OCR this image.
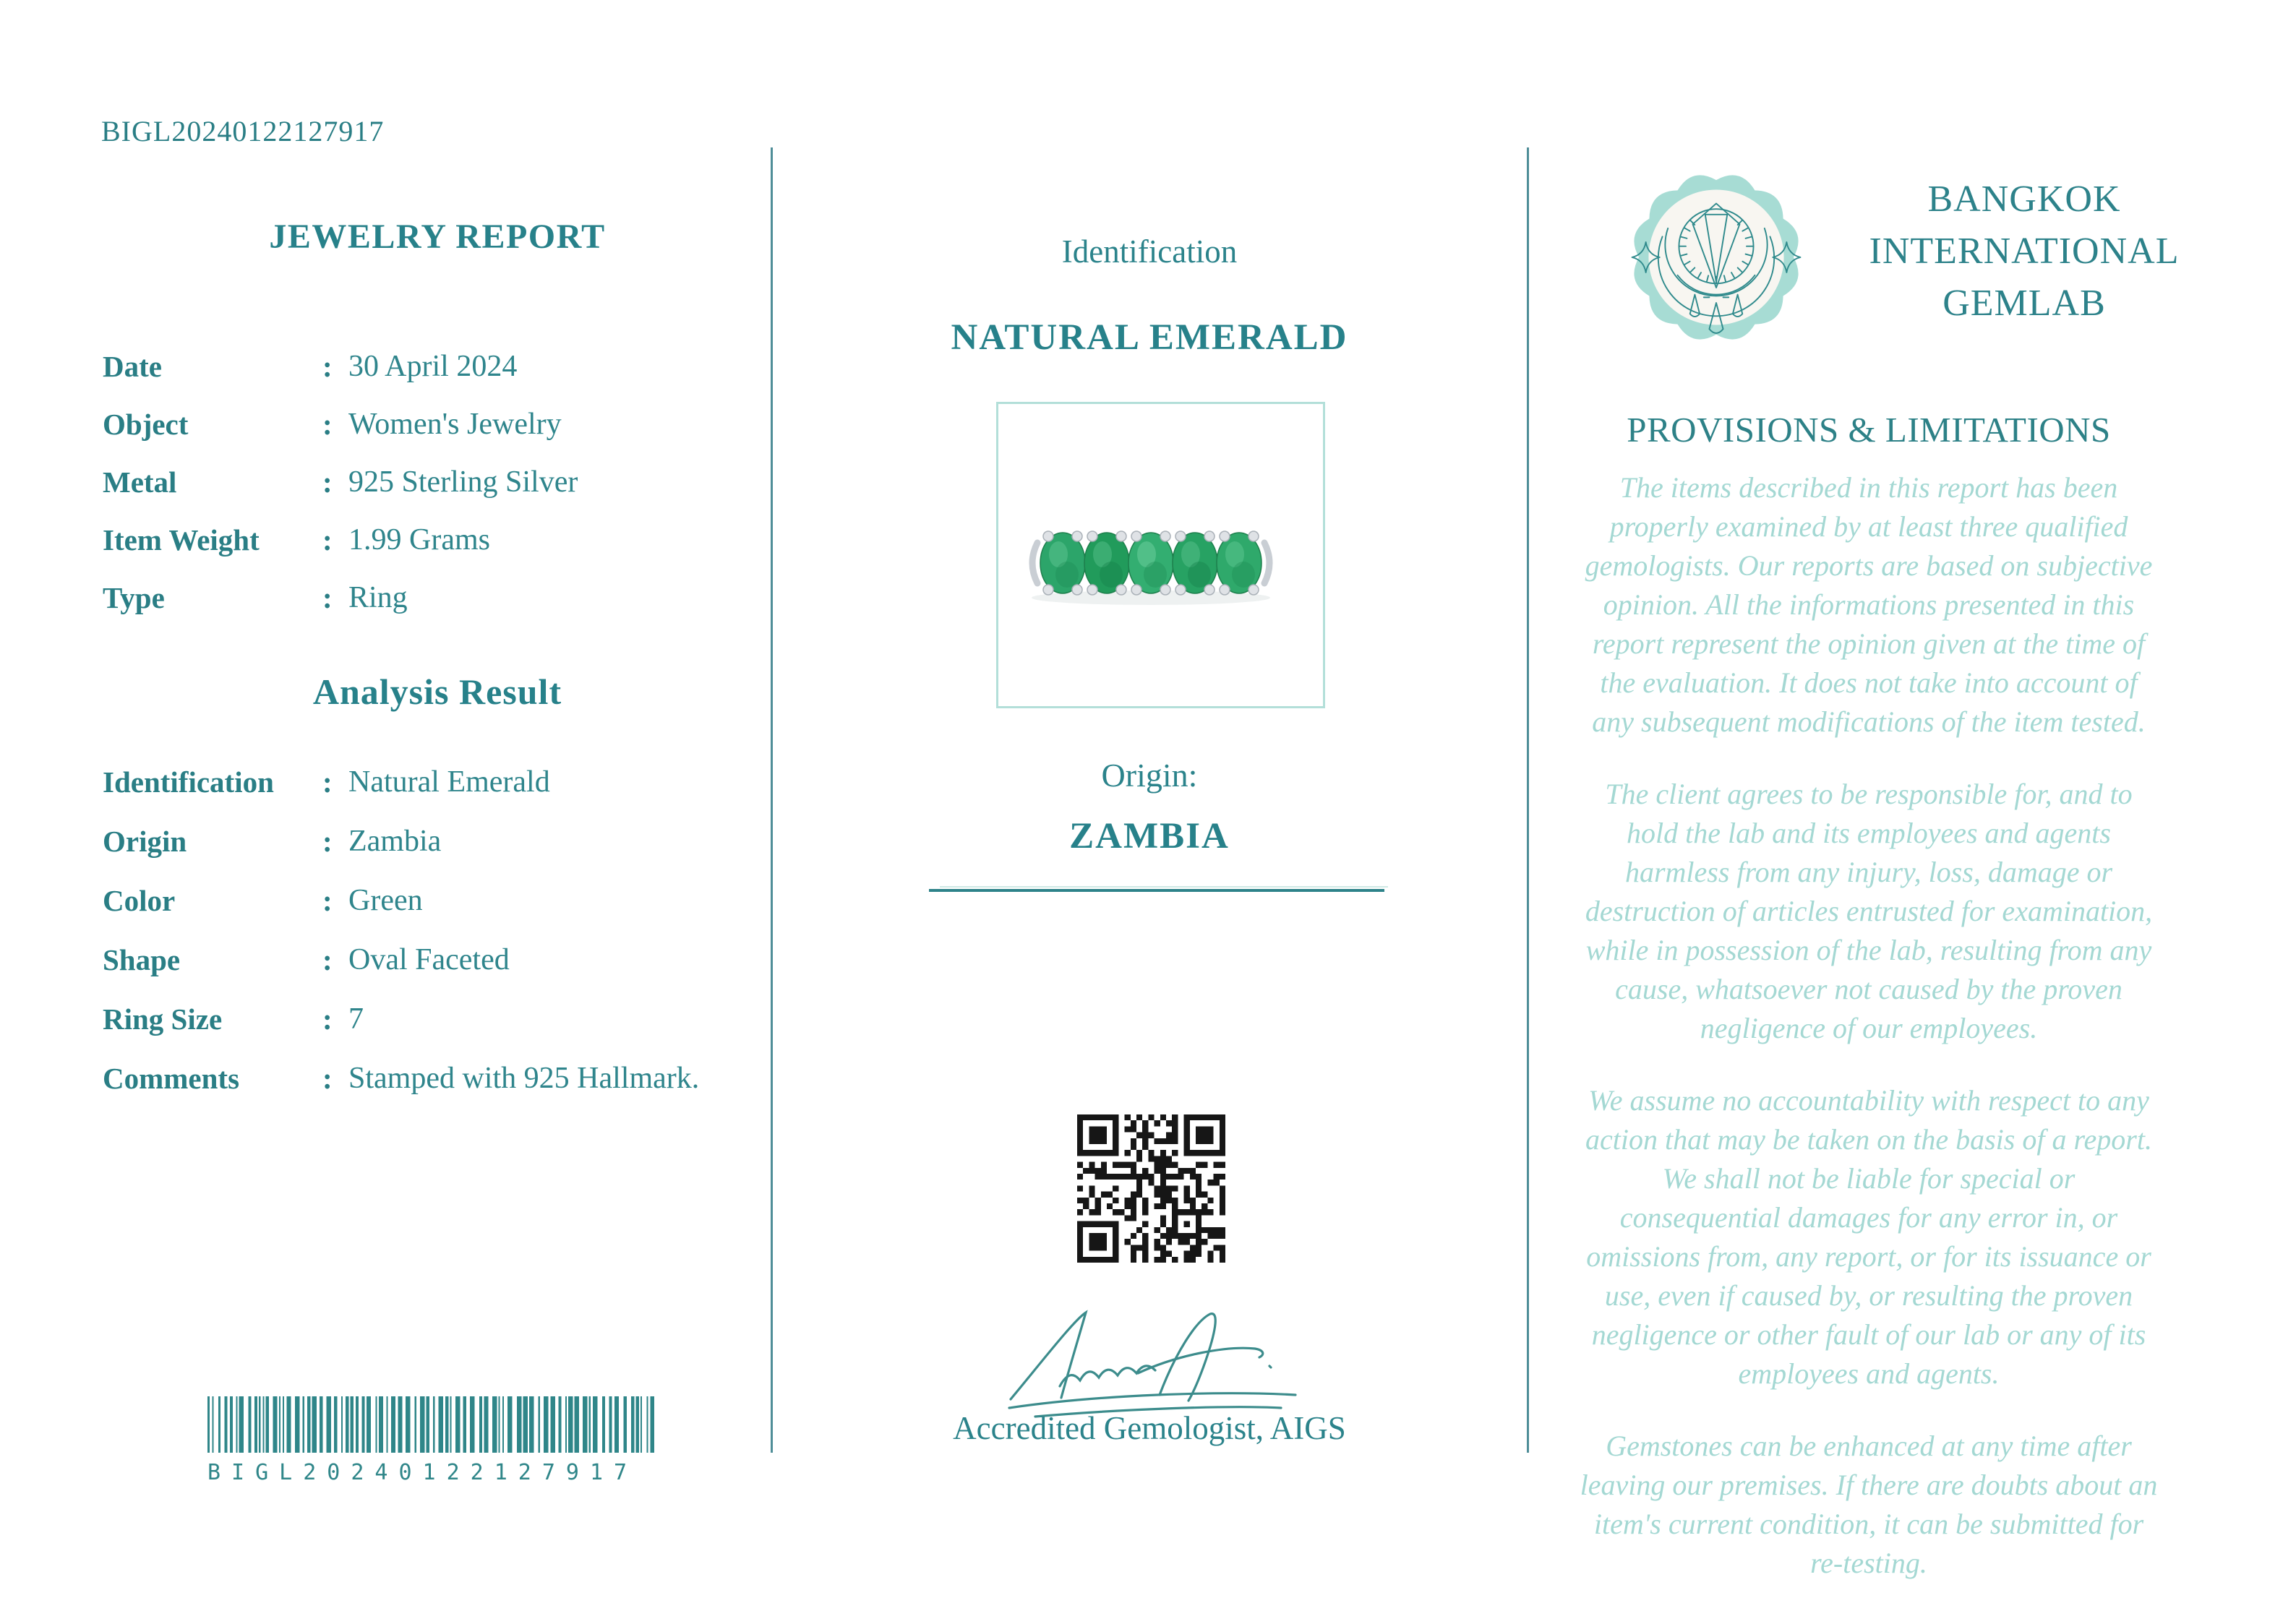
BIGL20240122127917
JEWELRY REPORT
Date	: 30 April 2024
Object	: Women's Jewelry
Metal	: 925 Sterling Silver
Item Weight	: 1.99 Grams
Type	: Ring
Analysis Result
Identification	: Natural Emerald
Origin	: Zambia
Color	: Green
Shape	: Oval Faceted
Ring Size	: 7
Comments	: Stamped with 925 Hallmark.
BIGL20240122127917
Identification
NATURAL EMERALD
Origin:
ZAMBIA
Accredited Gemologist, AIGS
BANGKOK
INTERNATIONAL
GEMLAB
PROVISIONS & LIMITATIONS

The items described in this report has been properly examined by at least three qualified gemologists. Our reports are based on subjective opinion. All the informations presented in this report represent the opinion given at the time of the evaluation. It does not take into account of any subsequent modifications of the item tested.

The client agrees to be responsible for, and to hold the lab and its employees and agents harmless from any injury, loss, damage or destruction of articles entrusted for examination, while in possession of the lab, resulting from any cause, whatsoever not caused by the proven negligence of our employees.

We assume no accountability with respect to any action that may be taken on the basis of a report. We shall not be liable for special or consequential damages for any error in, or omissions from, any report, or for its issuance or use, even if caused by, or resulting the proven negligence or other fault of our lab or any of its employees and agents.

Gemstones can be enhanced at any time after leaving our premises. If there are doubts about an item's current condition, it can be submitted for re-testing.
